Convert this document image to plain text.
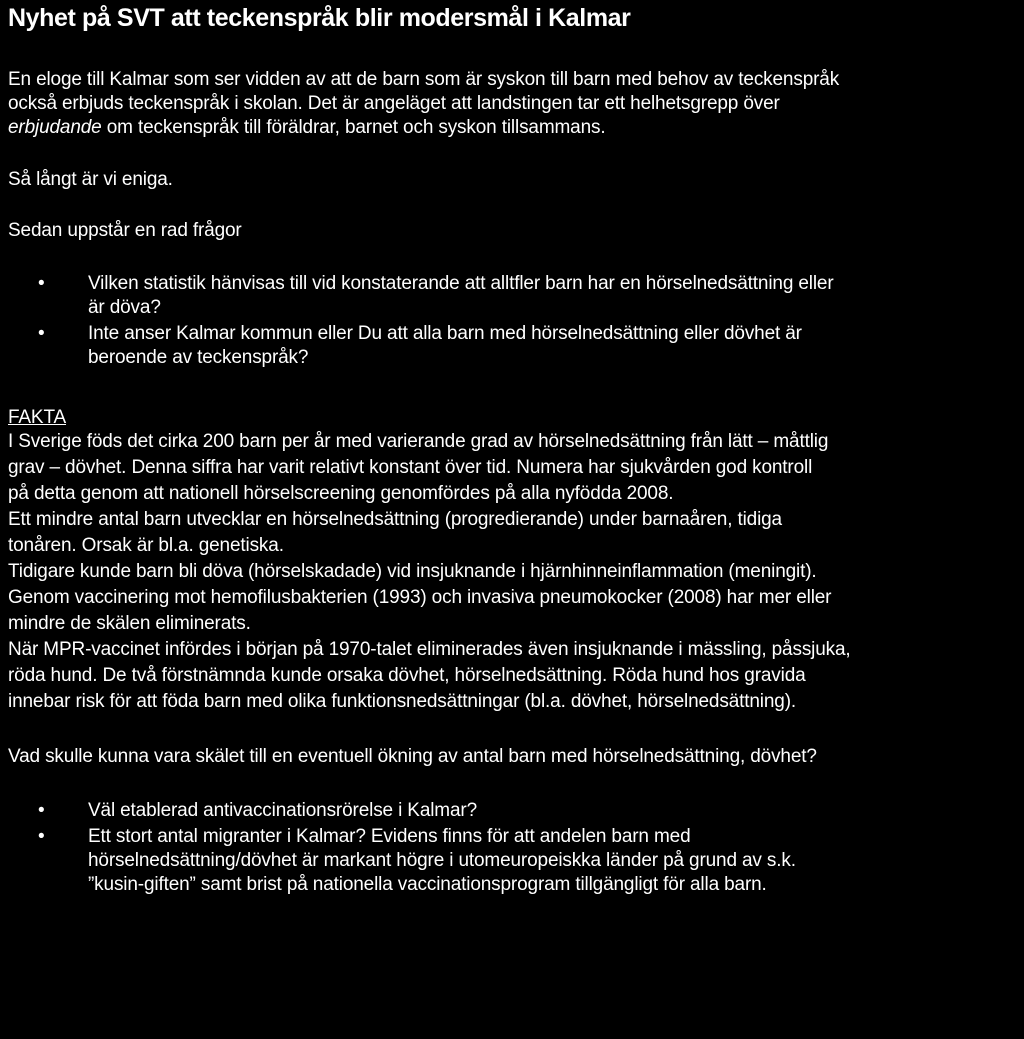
Nyhet på SVT att teckenspråk blir modersmål i Kalmar

En eloge till Kalmar som ser vidden av att de barn som är syskon till barn med behov av teckenspråk
också erbjuds teckenspråk i skolan. Det är angeläget att landstingen tar ett helhetsgrepp över
erbjudande om teckenspråk till föräldrar, barnet och syskon tillsammans.

Så långt är vi eniga.

Sedan uppstår en rad frågor

• Vilken statistik hänvisas till vid konstaterande att alltfler barn har en hörselnedsättning eller
är döva?
• Inte anser Kalmar kommun eller Du att alla barn med hörselnedsättning eller dövhet är
beroende av teckenspråk?

FAKTA

I Sverige föds det cirka 200 barn per år med varierande grad av hörselnedsättning från lätt – måttlig
grav – dövhet. Denna siffra har varit relativt konstant över tid. Numera har sjukvården god kontroll
på detta genom att nationell hörselscreening genomfördes på alla nyfödda 2008.
Ett mindre antal barn utvecklar en hörselnedsättning (progredierande) under barnaåren, tidiga
tonåren. Orsak är bl.a. genetiska.
Tidigare kunde barn bli döva (hörselskadade) vid insjuknande i hjärnhinneinflammation (meningit).
Genom vaccinering mot hemofilusbakterien (1993) och invasiva pneumokocker (2008) har mer eller
mindre de skälen eliminerats.
När MPR-vaccinet infördes i början på 1970-talet eliminerades även insjuknande i mässling, påssjuka,
röda hund. De två förstnämnda kunde orsaka dövhet, hörselnedsättning. Röda hund hos gravida
innebar risk för att föda barn med olika funktionsnedsättningar (bl.a. dövhet, hörselnedsättning).

Vad skulle kunna vara skälet till en eventuell ökning av antal barn med hörselnedsättning, dövhet?

• Väl etablerad antivaccinationsrörelse i Kalmar?
• Ett stort antal migranter i Kalmar? Evidens finns för att andelen barn med
hörselnedsättning/dövhet är markant högre i utomeuropeiskka länder på grund av s.k.
”kusin-giften” samt brist på nationella vaccinationsprogram tillgängligt för alla barn.
